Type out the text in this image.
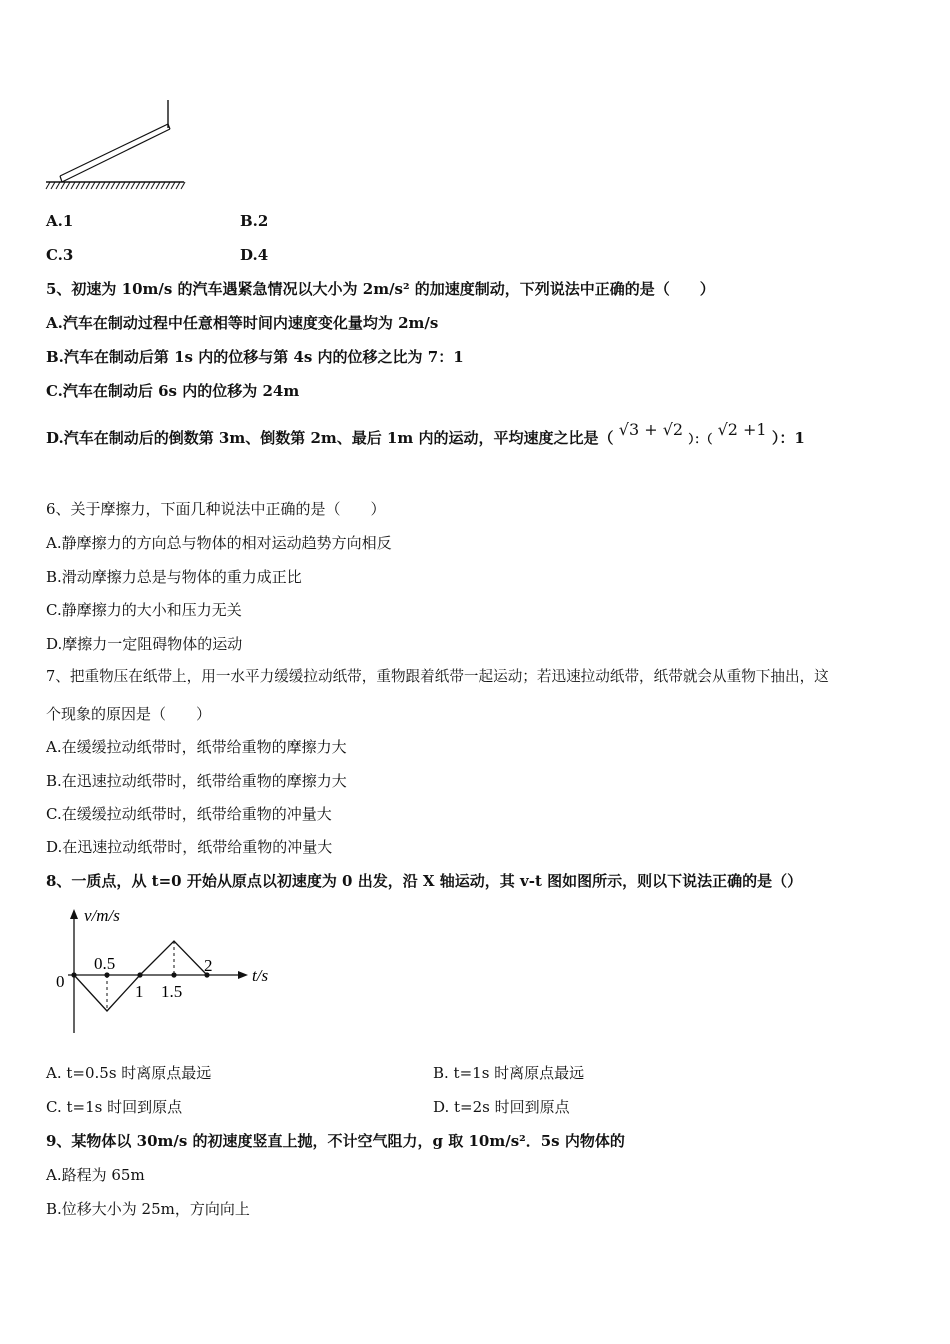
A.1	B.2
C.3	D.4
5、初速为 10m/s 的汽车遇紧急情况以大小为 2m/s² 的加速度制动，下列说法中正确的是（　　）
A.汽车在制动过程中任意相等时间内速度变化量均为 2m/s
B.汽车在制动后第 1s 内的位移与第 4s 内的位移之比为 7：1
C.汽车在制动后 6s 内的位移为 24m
D.汽车在制动后的倒数第 3m、倒数第 2m、最后 1m 内的运动，平均速度之比是（ √3 + √2 ）：（ √2 +1 ）：1
6、关于摩擦力，下面几种说法中正确的是（　　）
A.静摩擦力的方向总与物体的相对运动趋势方向相反
B.滑动摩擦力总是与物体的重力成正比
C.静摩擦力的大小和压力无关
D.摩擦力一定阻碍物体的运动
7、把重物压在纸带上，用一水平力缓缓拉动纸带，重物跟着纸带一起运动；若迅速拉动纸带，纸带就会从重物下抽出，这
个现象的原因是（　　）
A.在缓缓拉动纸带时，纸带给重物的摩擦力大
B.在迅速拉动纸带时，纸带给重物的摩擦力大
C.在缓缓拉动纸带时，纸带给重物的冲量大
D.在迅速拉动纸带时，纸带给重物的冲量大
8、一质点，从 t=0 开始从原点以初速度为 0 出发，沿 X 轴运动，其 v-t 图如图所示，则以下说法正确的是（）
v/m/s
t/s
0
0.5
1 1.5
2
A. t=0.5s 时离原点最远	B. t=1s 时离原点最远
C. t=1s 时回到原点	D. t=2s 时回到原点
9、某物体以 30m/s 的初速度竖直上抛，不计空气阻力，g 取 10m/s²．5s 内物体的
A.路程为 65m
B.位移大小为 25m，方向向上
